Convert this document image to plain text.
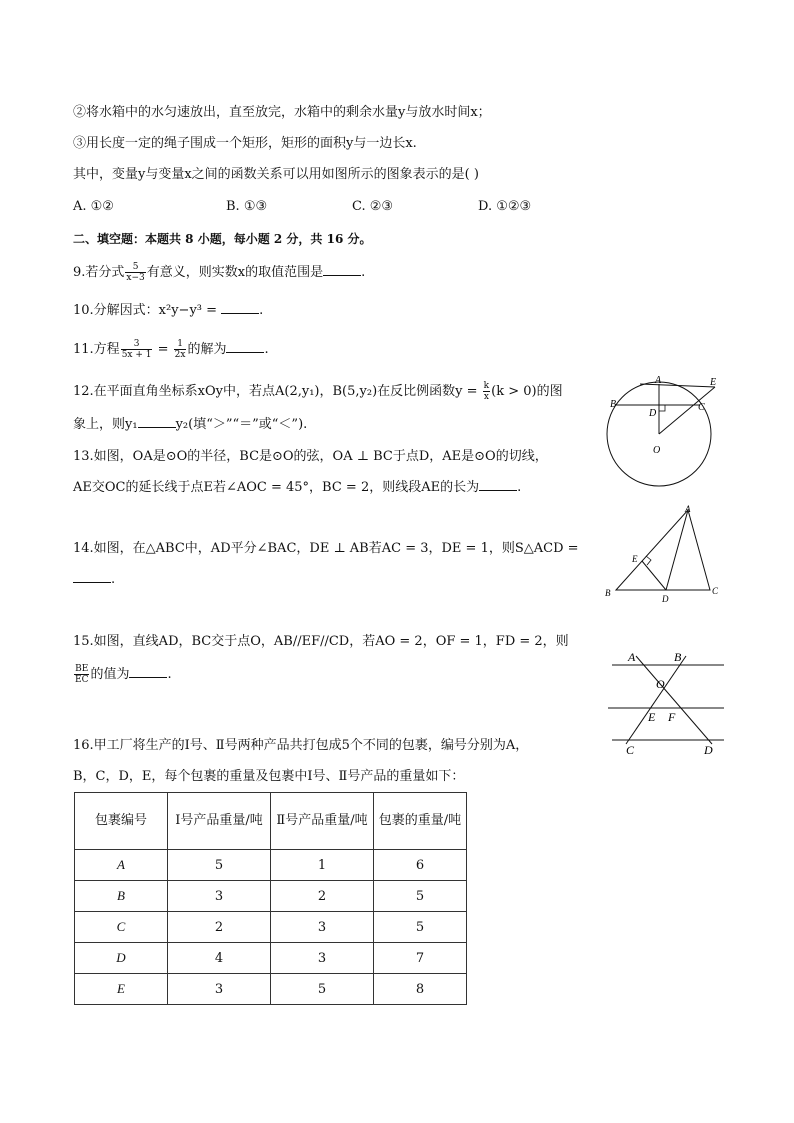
②将水箱中的水匀速放出，直至放完，水箱中的剩余水量y与放水时间x；
③用长度一定的绳子围成一个矩形，矩形的面积y与一边长x.
其中，变量y与变量x之间的函数关系可以用如图所示的图象表示的是( )
A. ①②	B. ①③	C. ②③	D. ①②③
二、填空题：本题共 8 小题，每小题 2 分，共 16 分。
9.若分式 $\frac{5}{x-3}$ 有意义，则实数x的取值范围是	.
10.分解因式：x²y−y³ =	.
11.方程 $\frac{3}{5x + 1} = \frac{1}{2x}$ 的解为	.
12.在平面直角坐标系xOy中，若点A(2,y₁)，B(5,y₂)在反比例函数$y = \frac{k}{x} (k > 0)$的图
象上，则y₁	y₂(填“＞”“＝”或“＜”).
13.如图，OA是⊙O的半径，BC是⊙O的弦，OA ⊥ BC于点D，AE是⊙O的切线，
AE交OC的延长线于点E若∠AOC = 45°，BC = 2，则线段AE的长为	.
14.如图，在△ABC中，AD平分∠BAC，DE ⊥ AB若AC = 3，DE = 1，则S△ACD =
.
15.如图，直线AD，BC交于点O，AB//EF//CD，若AO = 2，OF = 1，FD = 2，则
$\frac{BE}{EC}$ 的值为	.
16.甲工厂将生产的Ⅰ号、Ⅱ号两种产品共打包成5个不同的包裹，编号分别为A，
B，C，D，E，每个包裹的重量及包裹中Ⅰ号、Ⅱ号产品的重量如下：
包裹编号	Ⅰ号产品重量/吨	Ⅱ号产品重量/吨	包裹的重量/吨
A	5	1	6
B	3	2	5
C	2	3	5
D	4	3	7
E	3	5	8
A	E
B
D
C
O
A
E
B
D
C
A	B
O
E F
C	D
